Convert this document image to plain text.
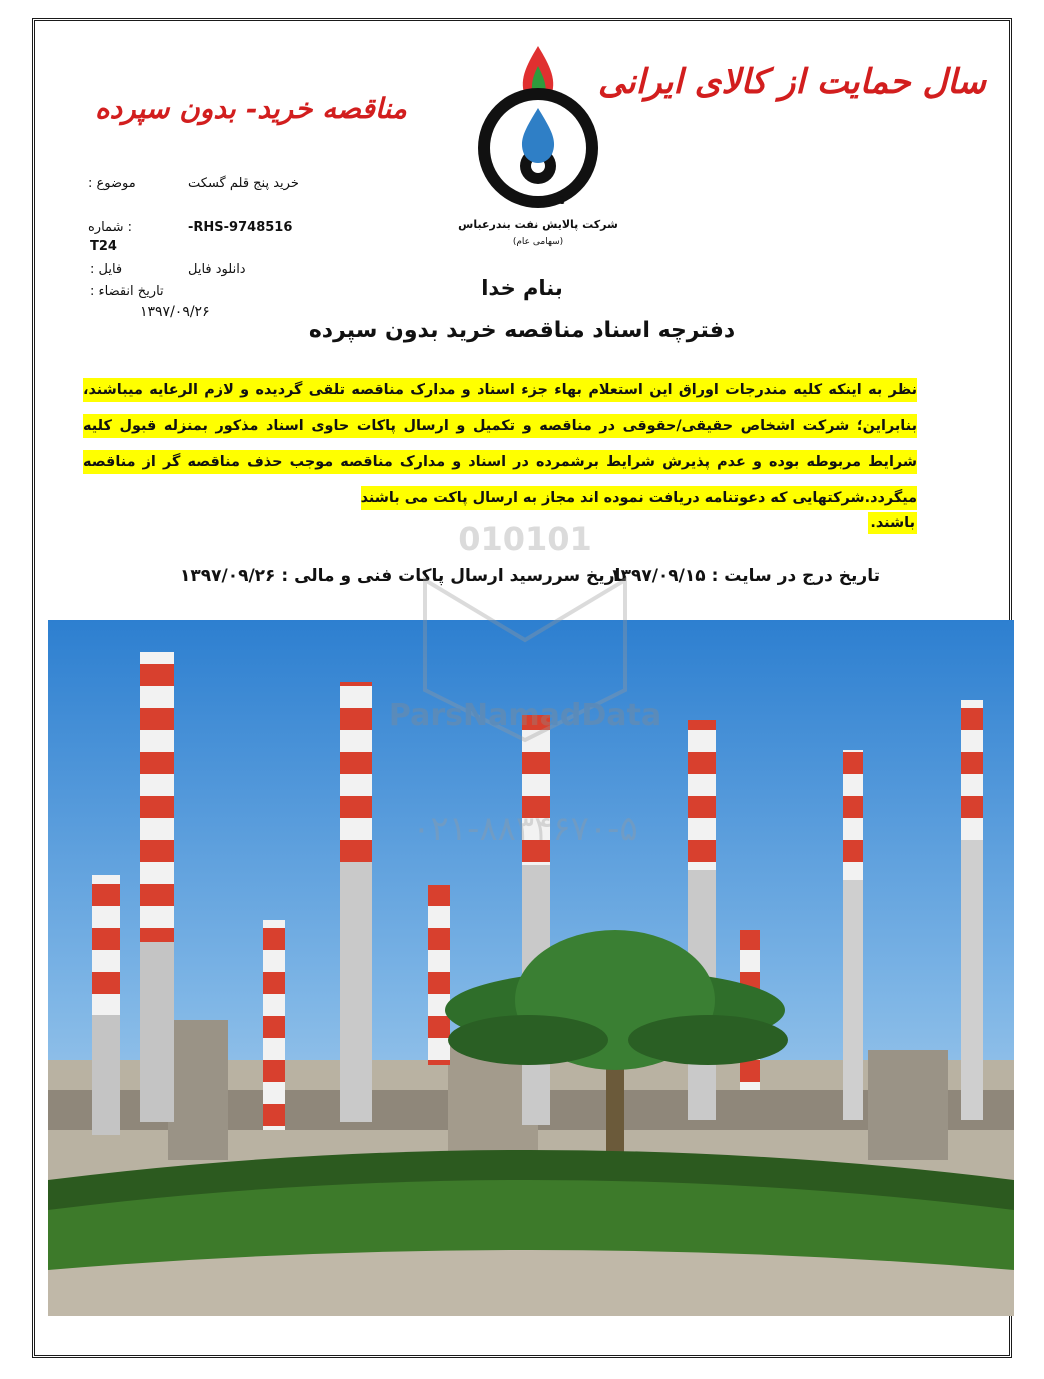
سال حمایت از کالای ایرانی
مناقصه خرید- بدون سپرده
B.O.R.C
شرکت پالایش نفت بندرعباس
(سهامی عام)
موضوع :	خرید پنج قلم گسکت
: شماره	RHS-9748516-
T24
فایل :	دانلود فایل
تاریخ انقضاء :
۱۳۹۷/۰۹/۲۶
بنام خدا
دفترچه اسناد مناقصه خرید بدون سپرده
نظر به اینکه کلیه مندرجات اوراق این استعلام بهاء جزء اسناد و مدارک مناقصه تلقی گردیده و لازم الرعایه میباشند، بنابراین؛ شرکت اشخاص حقیقی/حقوقی در مناقصه و تکمیل و ارسال پاکات حاوی اسناد مذکور بمنزله قبول کلیه شرایط مربوطه بوده و عدم پذیرش شرایط برشمرده در اسناد و مدارک مناقصه موجب حذف مناقصه گر از مناقصه میگردد.شرکتهایی که دعوتنامه دریافت نموده اند مجاز به ارسال پاکت می باشند
باشند.
تاریخ درج در سایت : ۱۳۹۷/۰۹/۱۵
تاریخ سررسید ارسال پاکات فنی و مالی : ۱۳۹۷/۰۹/۲۶
010101
ParsNamadData
۰۲۱-۸۸۳۴۶۷۰-۵
